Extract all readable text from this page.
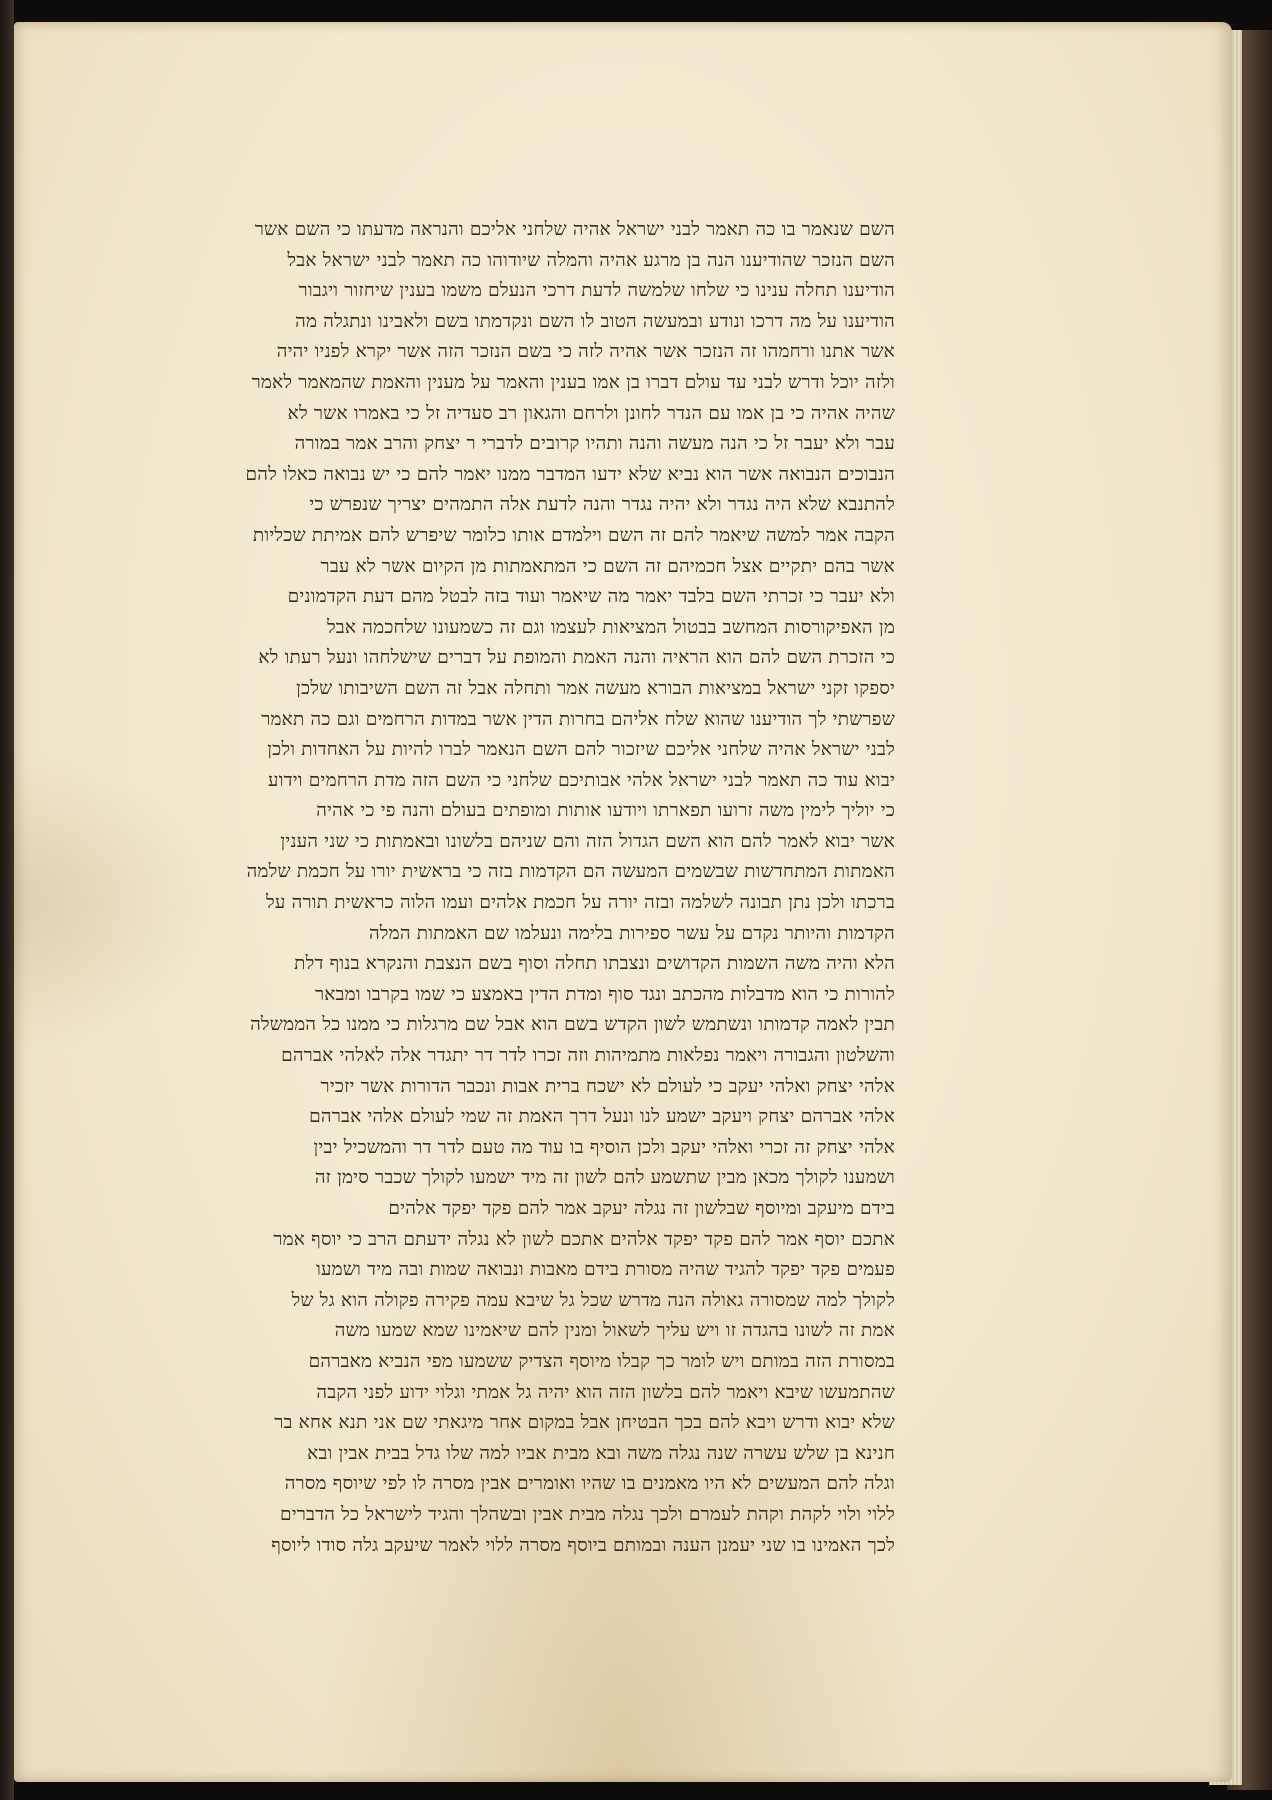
השם שנאמר בו כה תאמר לבני ישראל אהיה שלחני אליכם והנראה מדעתו כי השם אשר
השם הנזכר שהודיענו הנה בן מרגע אהיה והמלה שיודוהו כה תאמר לבני ישראל אבל
הודיענו תחלה ענינו כי שלחו שלמשה לדעת דרכי הנעלם משמו בענין שיחזור ויגבור
הודיענו על מה דרכו ונודע ובמעשה הטוב לו השם ונקדמתו בשם ולאבינו ונתגלה מה
אשר אתנו ורחמהו זה הנזכר אשר אהיה לזה כי בשם הנזכר הזה אשר יקרא לפניו יהיה
ולזה יוכל ודרש לבני עד עולם דברו בן אמו בענין והאמר על מענין והאמת שהמאמר לאמר
שהיה אהיה כי בן אמו עם הנדר לחונן ולרחם והגאון רב סעדיה זל כי באמרו אשר לא
עבר ולא יעבר זל כי הנה מעשה והנה ותהיו קרובים לדברי ר יצחק והרב אמר במורה
הנבוכים הנבואה אשר הוא נביא שלא ידעו המדבר ממנו יאמר להם כי יש נבואה כאלו להם
להתנבא שלא היה נגדר ולא יהיה נגדר והנה לדעת אלה התמהים יצריך שנפרש כי
הקבה אמר למשה שיאמר להם זה השם וילמדם אותו כלומר שיפרש להם אמיתת שכליות
אשר בהם יתקיים אצל חכמיהם זה השם כי המתאמתות מן הקיום אשר לא עבר
ולא יעבר כי זכרתי השם בלבד יאמר מה שיאמר ועוד בזה לבטל מהם דעת הקדמונים
מן האפיקורסות המחשב בבטול המציאות לעצמו וגם זה כשמעונו שלחכמה אבל
כי הזכרת השם להם הוא הראיה והנה האמת והמופת על דברים שישלחהו ונעל רעתו לא
יספקו זקני ישראל במציאות הבורא מעשה אמר ותחלה אבל זה השם השיבותו שלכן
שפרשתי לך הודיענו שהוא שלח אליהם בחרות הדין אשר במדות הרחמים וגם כה תאמר
לבני ישראל אהיה שלחני אליכם שיזכור להם השם הנאמר לברו להיות על האחדות ולכן
יבוא עוד כה תאמר לבני ישראל אלהי אבותיכם שלחני כי השם הזה מדת הרחמים וידוע
כי יוליך לימין משה זרועו תפארתו ויודעו אותות ומופתים בעולם והנה פי כי אהיה
אשר יבוא לאמר להם הוא השם הגדול הזה והם שניהם בלשונו ובאמתות כי שני הענין
האמתות המתחדשות שבשמים המעשה הם הקדמות בזה כי בראשית יורו על חכמת שלמה
ברכתו ולכן נתן תבונה לשלמה ובזה יורה על חכמת אלהים ועמו הלוה כראשית תורה על
הקדמות והיותר נקדם על עשר ספירות בלימה ונעלמו שם האמתות המלה
הלא והיה משה השמות הקדושים ונצבתו תחלה וסוף בשם הנצבת והנקרא בנוף דלת
להורות כי הוא מדבלות מהכתב ונגד סוף ומדת הדין באמצע כי שמו בקרבו ומבאר
תבין לאמה קדמותו ונשתמש לשון הקדש בשם הוא אבל שם מרגלות כי ממנו כל הממשלה
והשלטון והגבורה ויאמר נפלאות מתמיהות וזה זכרו לדר דר יתגדר אלה לאלהי אברהם
אלהי יצחק ואלהי יעקב כי לעולם לא ישכח ברית אבות ונכבר הדורות אשר יזכיר
אלהי אברהם יצחק ויעקב ישמע לנו ונעל דרך האמת זה שמי לעולם אלהי אברהם
אלהי יצחק זה זכרי ואלהי יעקב ולכן הוסיף בו עוד מה טעם לדר דר והמשכיל יבין
ושמענו לקולך מכאן מבין שתשמע להם לשון זה מיד ישמעו לקולך שכבר סימן זה
בידם מיעקב ומיוסף שבלשון זה נגלה יעקב אמר להם פקד יפקד אלהים
אתכם יוסף אמר להם פקד יפקד אלהים אתכם לשון לא נגלה ידעתם הרב כי יוסף אמר
פעמים פקד יפקד להגיד שהיה מסורת בידם מאבות ונבואה שמות ובה מיד ושמעו
לקולך למה שמסורה גאולה הנה מדרש שכל גל שיבא עמה פקירה פקולה הוא גל של
אמת זה לשונו בהגדה זו ויש עליך לשאול ומנין להם שיאמינו שמא שמעו משה
במסורת הזה במותם ויש לומר כך קבלו מיוסף הצדיק ששמעו מפי הנביא מאברהם
שהתמעשו שיבא ויאמר להם בלשון הזה הוא יהיה גל אמתי וגלוי ידוע לפני הקבה
שלא יבוא ודרש ויבא להם בכך הבטיחן אבל במקום אחר מיגאתי שם אני תנא אחא בר
חנינא בן שלש עשרה שנה נגלה משה ובא מבית אביו למה שלו גדל בבית אבין ובא
וגלה להם המעשים לא היו מאמנים בו שהיו ואומרים אבין מסרה לו לפי שיוסף מסרה
ללוי ולוי לקהת וקהת לעמרם ולכך נגלה מבית אבין ובשהלך והגיד לישראל כל הדברים
לכך האמינו בו שני יעמנן הענה ובמותם ביוסף מסרה ללוי לאמר שיעקב גלה סודו ליוסף
